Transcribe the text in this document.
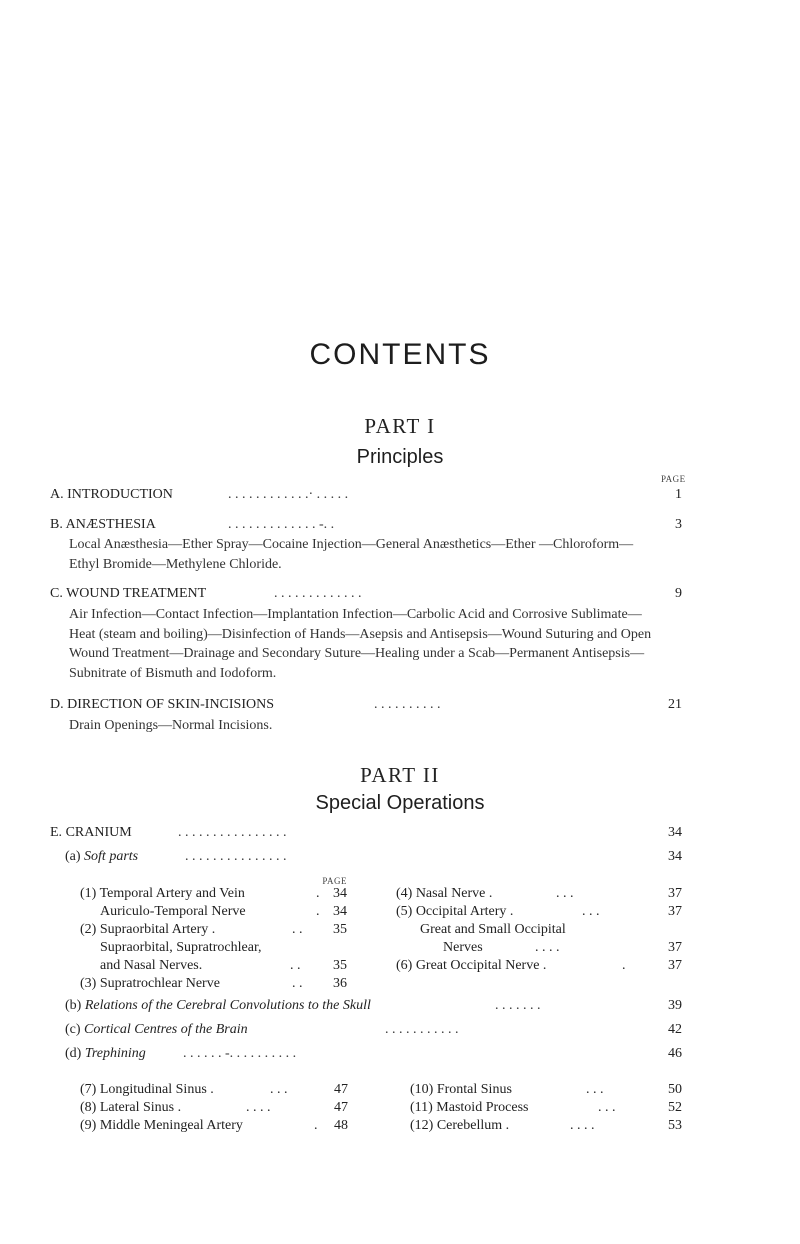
CONTENTS
PART I
Principles
PAGE
A. INTRODUCTION	. . . . . . . . . . . .· . . . . .	1
B. ANÆSTHESIA	. . . . . . . . . . . . . -. .	3
Local Anæsthesia—Ether Spray—Cocaine Injection—General Anæsthetics—Ether —Chloroform—Ethyl Bromide—Methylene Chloride.
C. WOUND TREATMENT	. . . . . . . . . . . . .	9
Air Infection—Contact Infection—Implantation Infection—Carbolic Acid and Corrosive Sublimate—Heat (steam and boiling)—Disinfection of Hands—Asepsis and Antisepsis—Wound Suturing and Open Wound Treatment—Drainage and Secondary Suture—Healing under a Scab—Permanent Antisepsis—Subnitrate of Bismuth and Iodoform.
D. DIRECTION OF SKIN-INCISIONS	. . . . . . . . . .	21
Drain Openings—Normal Incisions.
PART II
Special Operations
E. CRANIUM	. . . . . . . . . . . . . . . .	34
(a) Soft parts	. . . . . . . . . . . . . . .	34
PAGE
(1) Temporal Artery and Vein	. 34
Auriculo-Temporal Nerve	. 34
(2) Supraorbital Artery .	. . 35
Supraorbital, Supratrochlear,
and Nasal Nerves.	. . 35
(3) Supratrochlear Nerve	. . 36
(4) Nasal Nerve .	. . .	37
(5) Occipital Artery .	. . .	37
Great and Small Occipital
Nerves	. . . .	37
(6) Great Occipital Nerve .	.	37
(b) Relations of the Cerebral Convolutions to the Skull	. . . . . . .	39
(c) Cortical Centres of the Brain	. . . . . . . . . . .	42
(d) Trephining	. . . . . . -. . . . . . . . . .	46
(7) Longitudinal Sinus .	. . .	47
(8) Lateral Sinus .	. . . .	47
(9) Middle Meningeal Artery	. 48
(10) Frontal Sinus	. . .	50
(11) Mastoid Process	. . .	52
(12) Cerebellum .	. . . .	53
